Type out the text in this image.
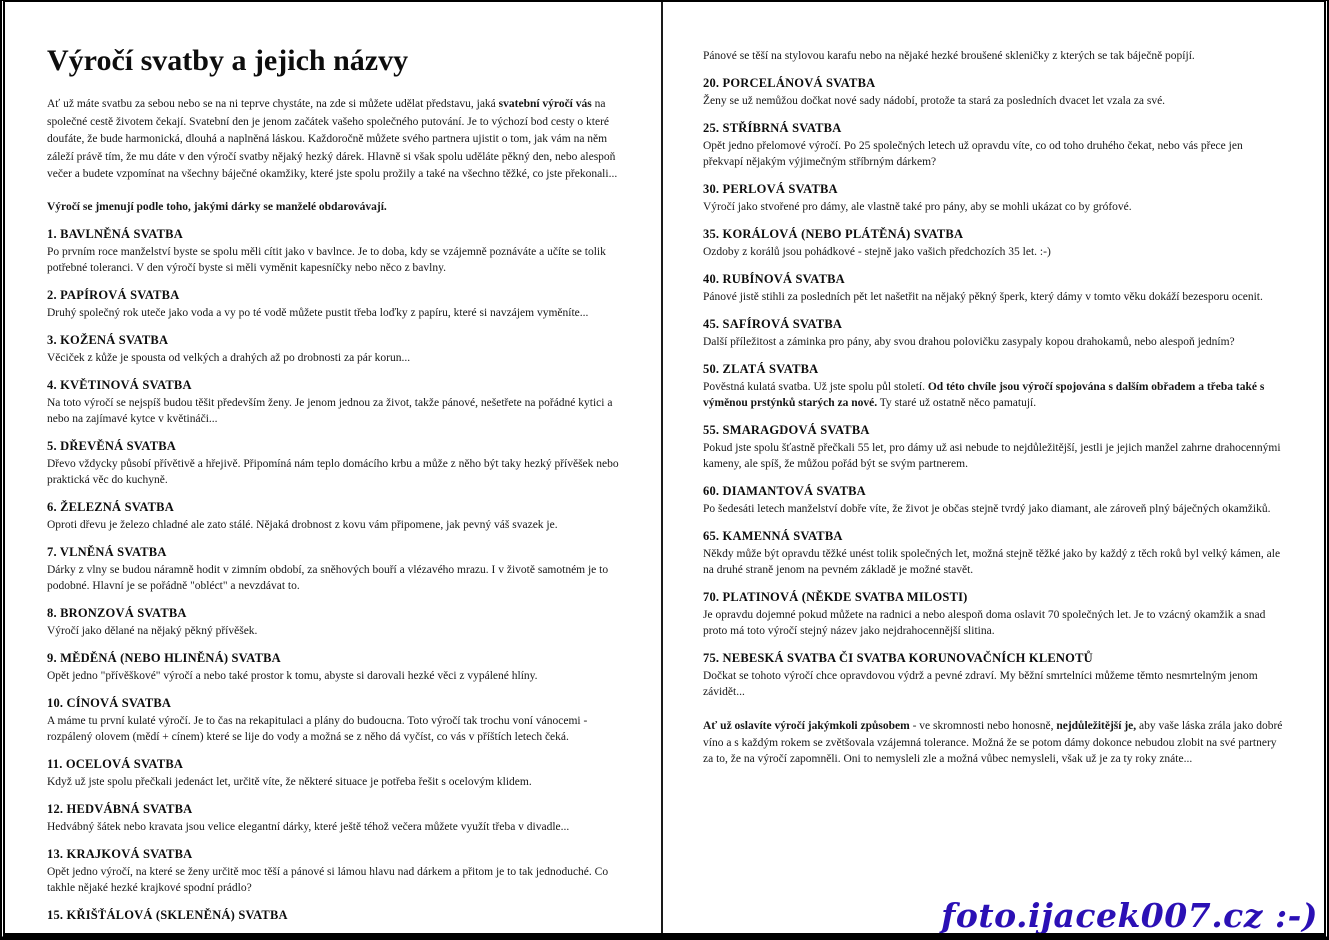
Výročí svatby a jejich názvy

Ať už máte svatbu za sebou nebo se na ni teprve chystáte, na zde si můžete udělat představu, jaká svatební výročí vás na společné cestě životem čekají. Svatební den je jenom začátek vašeho společného putování. Je to výchozí bod cesty o které doufáte, že bude harmonická, dlouhá a naplněná láskou. Každoročně můžete svého partnera ujistit o tom, jak vám na něm záleží právě tím, že mu dáte v den výročí svatby nějaký hezký dárek. Hlavně si však spolu uděláte pěkný den, nebo alespoň večer a budete vzpomínat na všechny báječné okamžiky, které jste spolu prožily a také na všechno těžké, co jste překonali...

Výročí se jmenují podle toho, jakými dárky se manželé obdarovávají.

1. BAVLNĚNÁ SVATBA
Po prvním roce manželství byste se spolu měli cítit jako v bavlnce. Je to doba, kdy se vzájemně poznáváte a učíte se tolik potřebné toleranci. V den výročí byste si měli vyměnit kapesníčky nebo něco z bavlny.
2. PAPÍROVÁ SVATBA
Druhý společný rok uteče jako voda a vy po té vodě můžete pustit třeba loďky z papíru, které si navzájem vyměníte...
3. KOŽENÁ SVATBA
Věciček z kůže je spousta od velkých a drahých až po drobnosti za pár korun...
4. KVĚTINOVÁ SVATBA
Na toto výročí se nejspíš budou těšit především ženy. Je jenom jednou za život, takže pánové, nešetřete na pořádné kytici a nebo na zajímavé kytce v květináči...
5. DŘEVĚNÁ SVATBA
Dřevo vždycky působí přívětivě a hřejivě. Připomíná nám teplo domácího krbu a může z něho být taky hezký přívěšek nebo praktická věc do kuchyně.
6. ŽELEZNÁ SVATBA
Oproti dřevu je železo chladné ale zato stálé. Nějaká drobnost z kovu vám připomene, jak pevný váš svazek je.
7. VLNĚNÁ SVATBA
Dárky z vlny se budou náramně hodit v zimním období, za sněhových bouří a vlézavého mrazu. I v životě samotném je to podobné. Hlavní je se pořádně "obléct" a nevzdávat to.
8. BRONZOVÁ SVATBA
Výročí jako dělané na nějaký pěkný přívěšek.
9. MĚDĚNÁ (NEBO HLINĚNÁ) SVATBA
Opět jedno "přívěškové" výročí a nebo také prostor k tomu, abyste si darovali hezké věci z vypálené hlíny.
10. CÍNOVÁ SVATBA
A máme tu první kulaté výročí. Je to čas na rekapitulaci a plány do budoucna. Toto výročí tak trochu voní vánocemi - rozpálený olovem (mědí + cínem) které se lije do vody a možná se z něho dá vyčíst, co vás v příštích letech čeká.
11. OCELOVÁ SVATBA
Když už jste spolu přečkali jedenáct let, určitě víte, že některé situace je potřeba řešit s ocelovým klidem.
12. HEDVÁBNÁ SVATBA
Hedvábný šátek nebo kravata jsou velice elegantní dárky, které ještě téhož večera můžete využít třeba v divadle...
13. KRAJKOVÁ SVATBA
Opět jedno výročí, na které se ženy určitě moc těší a pánové si lámou hlavu nad dárkem a přitom je to tak jednoduché. Co takhle nějaké hezké krajkové spodní prádlo?
15. KŘIŠŤÁLOVÁ (SKLENĚNÁ) SVATBA

Pánové se těší na stylovou karafu nebo na nějaké hezké broušené skleničky z kterých se tak báječně popíjí.

20. PORCELÁNOVÁ SVATBA
Ženy se už nemůžou dočkat nové sady nádobí, protože ta stará za posledních dvacet let vzala za své.
25. STŘÍBRNÁ SVATBA
Opět jedno přelomové výročí. Po 25 společných letech už opravdu víte, co od toho druhého čekat, nebo vás přece jen překvapí nějakým výjimečným stříbrným dárkem?
30. PERLOVÁ SVATBA
Výročí jako stvořené pro dámy, ale vlastně také pro pány, aby se mohli ukázat co by grófové.
35. KORÁLOVÁ (NEBO PLÁTĚNÁ) SVATBA
Ozdoby z korálů jsou pohádkové - stejně jako vašich předchozích 35 let. :-)
40. RUBÍNOVÁ SVATBA
Pánové jistě stihli za posledních pět let našetřit na nějaký pěkný šperk, který dámy v tomto věku dokáží bezesporu ocenit.
45. SAFÍROVÁ SVATBA
Další příležitost a záminka pro pány, aby svou drahou polovičku zasypaly kopou drahokamů, nebo alespoň jedním?
50. ZLATÁ SVATBA
Pověstná kulatá svatba. Už jste spolu půl století. Od této chvíle jsou výročí spojována s dalším obřadem a třeba také s výměnou prstýnků starých za nové. Ty staré už ostatně něco pamatují.
55. SMARAGDOVÁ SVATBA
Pokud jste spolu šťastně přečkali 55 let, pro dámy už asi nebude to nejdůležitější, jestli je jejich manžel zahrne drahocennými kameny, ale spíš, že můžou pořád být se svým partnerem.
60. DIAMANTOVÁ SVATBA
Po šedesáti letech manželství dobře víte, že život je občas stejně tvrdý jako diamant, ale zároveň plný báječných okamžiků.
65. KAMENNÁ SVATBA
Někdy může být opravdu těžké unést tolik společných let, možná stejně těžké jako by každý z těch roků byl velký kámen, ale na druhé straně jenom na pevném základě je možné stavět.
70. PLATINOVÁ (NĚKDE SVATBA MILOSTI)
Je opravdu dojemné pokud můžete na radnici a nebo alespoň doma oslavit 70 společných let. Je to vzácný okamžik a snad proto má toto výročí stejný název jako nejdrahocennější slitina.
75. NEBESKÁ SVATBA ČI SVATBA KORUNOVAČNÍCH KLENOTŮ
Dočkat se tohoto výročí chce opravdovou výdrž a pevné zdraví. My běžní smrtelníci můžeme těmto nesmrtelným jenom závidět...

Ať už oslavíte výročí jakýmkoli způsobem - ve skromnosti nebo honosně, nejdůležitější je, aby vaše láska zrála jako dobré víno a s každým rokem se zvětšovala vzájemná tolerance. Možná že se potom dámy dokonce nebudou zlobit na své partnery za to, že na výročí zapomněli. Oni to nemysleli zle a možná vůbec nemysleli, však už je za ty roky znáte...

foto.ijacek007.cz :-)
